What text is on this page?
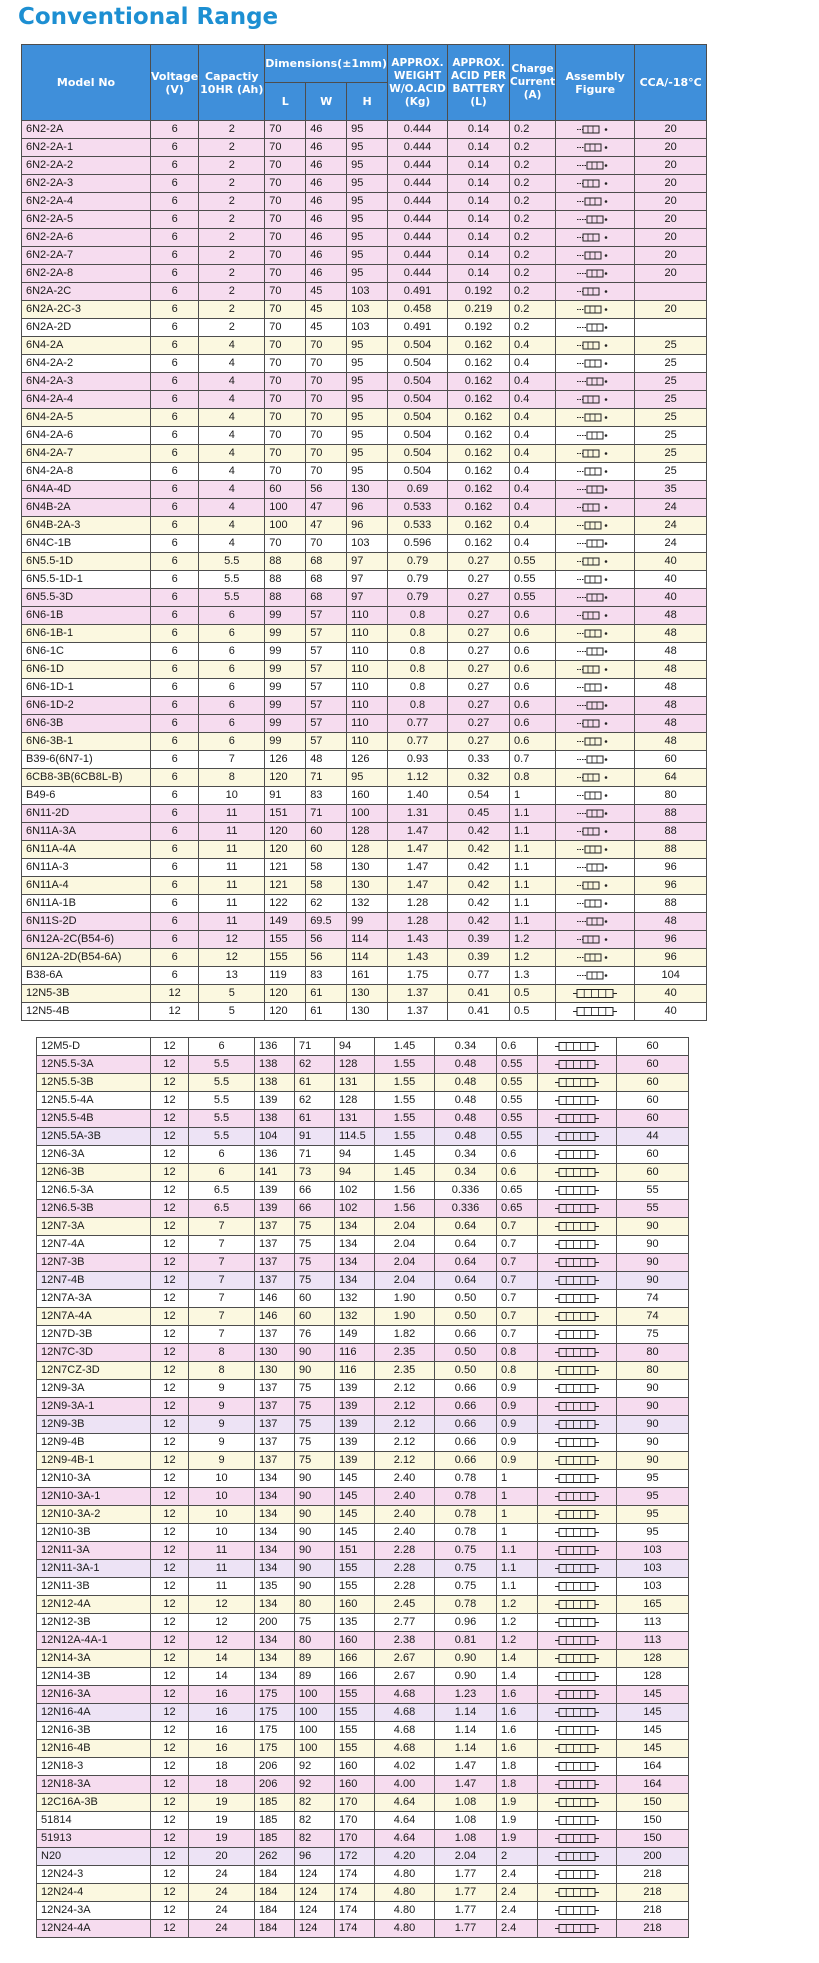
Conventional Range
Model No	Voltage (V)	Capactiy 10HR (Ah)	Dimensions(±1mm)			APPROX. WEIGHT W/O.ACID (Kg)	APPROX. ACID PER BATTERY (L)	Charge Current (A)	Assembly Figure	CCA/-18°C
			L	W	H					
6N2-2A	6	2	70	46	95	0.444	0.14	0.2		20
6N2-2A-1	6	2	70	46	95	0.444	0.14	0.2		20
6N2-2A-2	6	2	70	46	95	0.444	0.14	0.2		20
6N2-2A-3	6	2	70	46	95	0.444	0.14	0.2		20
6N2-2A-4	6	2	70	46	95	0.444	0.14	0.2		20
6N2-2A-5	6	2	70	46	95	0.444	0.14	0.2		20
6N2-2A-6	6	2	70	46	95	0.444	0.14	0.2		20
6N2-2A-7	6	2	70	46	95	0.444	0.14	0.2		20
6N2-2A-8	6	2	70	46	95	0.444	0.14	0.2		20
6N2A-2C	6	2	70	45	103	0.491	0.192	0.2		
6N2A-2C-3	6	2	70	45	103	0.458	0.219	0.2		20
6N2A-2D	6	2	70	45	103	0.491	0.192	0.2		
6N4-2A	6	4	70	70	95	0.504	0.162	0.4		25
6N4-2A-2	6	4	70	70	95	0.504	0.162	0.4		25
6N4-2A-3	6	4	70	70	95	0.504	0.162	0.4		25
6N4-2A-4	6	4	70	70	95	0.504	0.162	0.4		25
6N4-2A-5	6	4	70	70	95	0.504	0.162	0.4		25
6N4-2A-6	6	4	70	70	95	0.504	0.162	0.4		25
6N4-2A-7	6	4	70	70	95	0.504	0.162	0.4		25
6N4-2A-8	6	4	70	70	95	0.504	0.162	0.4		25
6N4A-4D	6	4	60	56	130	0.69	0.162	0.4		35
6N4B-2A	6	4	100	47	96	0.533	0.162	0.4		24
6N4B-2A-3	6	4	100	47	96	0.533	0.162	0.4		24
6N4C-1B	6	4	70	70	103	0.596	0.162	0.4		24
6N5.5-1D	6	5.5	88	68	97	0.79	0.27	0.55		40
6N5.5-1D-1	6	5.5	88	68	97	0.79	0.27	0.55		40
6N5.5-3D	6	5.5	88	68	97	0.79	0.27	0.55		40
6N6-1B	6	6	99	57	110	0.8	0.27	0.6		48
6N6-1B-1	6	6	99	57	110	0.8	0.27	0.6		48
6N6-1C	6	6	99	57	110	0.8	0.27	0.6		48
6N6-1D	6	6	99	57	110	0.8	0.27	0.6		48
6N6-1D-1	6	6	99	57	110	0.8	0.27	0.6		48
6N6-1D-2	6	6	99	57	110	0.8	0.27	0.6		48
6N6-3B	6	6	99	57	110	0.77	0.27	0.6		48
6N6-3B-1	6	6	99	57	110	0.77	0.27	0.6		48
B39-6(6N7-1)	6	7	126	48	126	0.93	0.33	0.7		60
6CB8-3B(6CB8L-B)	6	8	120	71	95	1.12	0.32	0.8		64
B49-6	6	10	91	83	160	1.40	0.54	1		80
6N11-2D	6	11	151	71	100	1.31	0.45	1.1		88
6N11A-3A	6	11	120	60	128	1.47	0.42	1.1		88
6N11A-4A	6	11	120	60	128	1.47	0.42	1.1		88
6N11A-3	6	11	121	58	130	1.47	0.42	1.1		96
6N11A-4	6	11	121	58	130	1.47	0.42	1.1		96
6N11A-1B	6	11	122	62	132	1.28	0.42	1.1		88
6N11S-2D	6	11	149	69.5	99	1.28	0.42	1.1		48
6N12A-2C(B54-6)	6	12	155	56	114	1.43	0.39	1.2		96
6N12A-2D(B54-6A)	6	12	155	56	114	1.43	0.39	1.2		96
B38-6A	6	13	119	83	161	1.75	0.77	1.3		104
12N5-3B	12	5	120	61	130	1.37	0.41	0.5		40
12N5-4B	12	5	120	61	130	1.37	0.41	0.5		40
12M5-D	12	6	136	71	94	1.45	0.34	0.6		60
12N5.5-3A	12	5.5	138	62	128	1.55	0.48	0.55		60
12N5.5-3B	12	5.5	138	61	131	1.55	0.48	0.55		60
12N5.5-4A	12	5.5	139	62	128	1.55	0.48	0.55		60
12N5.5-4B	12	5.5	138	61	131	1.55	0.48	0.55		60
12N5.5A-3B	12	5.5	104	91	114.5	1.55	0.48	0.55		44
12N6-3A	12	6	136	71	94	1.45	0.34	0.6		60
12N6-3B	12	6	141	73	94	1.45	0.34	0.6		60
12N6.5-3A	12	6.5	139	66	102	1.56	0.336	0.65		55
12N6.5-3B	12	6.5	139	66	102	1.56	0.336	0.65		55
12N7-3A	12	7	137	75	134	2.04	0.64	0.7		90
12N7-4A	12	7	137	75	134	2.04	0.64	0.7		90
12N7-3B	12	7	137	75	134	2.04	0.64	0.7		90
12N7-4B	12	7	137	75	134	2.04	0.64	0.7		90
12N7A-3A	12	7	146	60	132	1.90	0.50	0.7		74
12N7A-4A	12	7	146	60	132	1.90	0.50	0.7		74
12N7D-3B	12	7	137	76	149	1.82	0.66	0.7		75
12N7C-3D	12	8	130	90	116	2.35	0.50	0.8		80
12N7CZ-3D	12	8	130	90	116	2.35	0.50	0.8		80
12N9-3A	12	9	137	75	139	2.12	0.66	0.9		90
12N9-3A-1	12	9	137	75	139	2.12	0.66	0.9		90
12N9-3B	12	9	137	75	139	2.12	0.66	0.9		90
12N9-4B	12	9	137	75	139	2.12	0.66	0.9		90
12N9-4B-1	12	9	137	75	139	2.12	0.66	0.9		90
12N10-3A	12	10	134	90	145	2.40	0.78	1		95
12N10-3A-1	12	10	134	90	145	2.40	0.78	1		95
12N10-3A-2	12	10	134	90	145	2.40	0.78	1		95
12N10-3B	12	10	134	90	145	2.40	0.78	1		95
12N11-3A	12	11	134	90	151	2.28	0.75	1.1		103
12N11-3A-1	12	11	134	90	155	2.28	0.75	1.1		103
12N11-3B	12	11	135	90	155	2.28	0.75	1.1		103
12N12-4A	12	12	134	80	160	2.45	0.78	1.2		165
12N12-3B	12	12	200	75	135	2.77	0.96	1.2		113
12N12A-4A-1	12	12	134	80	160	2.38	0.81	1.2		113
12N14-3A	12	14	134	89	166	2.67	0.90	1.4		128
12N14-3B	12	14	134	89	166	2.67	0.90	1.4		128
12N16-3A	12	16	175	100	155	4.68	1.23	1.6		145
12N16-4A	12	16	175	100	155	4.68	1.14	1.6		145
12N16-3B	12	16	175	100	155	4.68	1.14	1.6		145
12N16-4B	12	16	175	100	155	4.68	1.14	1.6		145
12N18-3	12	18	206	92	160	4.02	1.47	1.8		164
12N18-3A	12	18	206	92	160	4.00	1.47	1.8		164
12C16A-3B	12	19	185	82	170	4.64	1.08	1.9		150
51814	12	19	185	82	170	4.64	1.08	1.9		150
51913	12	19	185	82	170	4.64	1.08	1.9		150
N20	12	20	262	96	172	4.20	2.04	2		200
12N24-3	12	24	184	124	174	4.80	1.77	2.4		218
12N24-4	12	24	184	124	174	4.80	1.77	2.4		218
12N24-3A	12	24	184	124	174	4.80	1.77	2.4		218
12N24-4A	12	24	184	124	174	4.80	1.77	2.4		218
